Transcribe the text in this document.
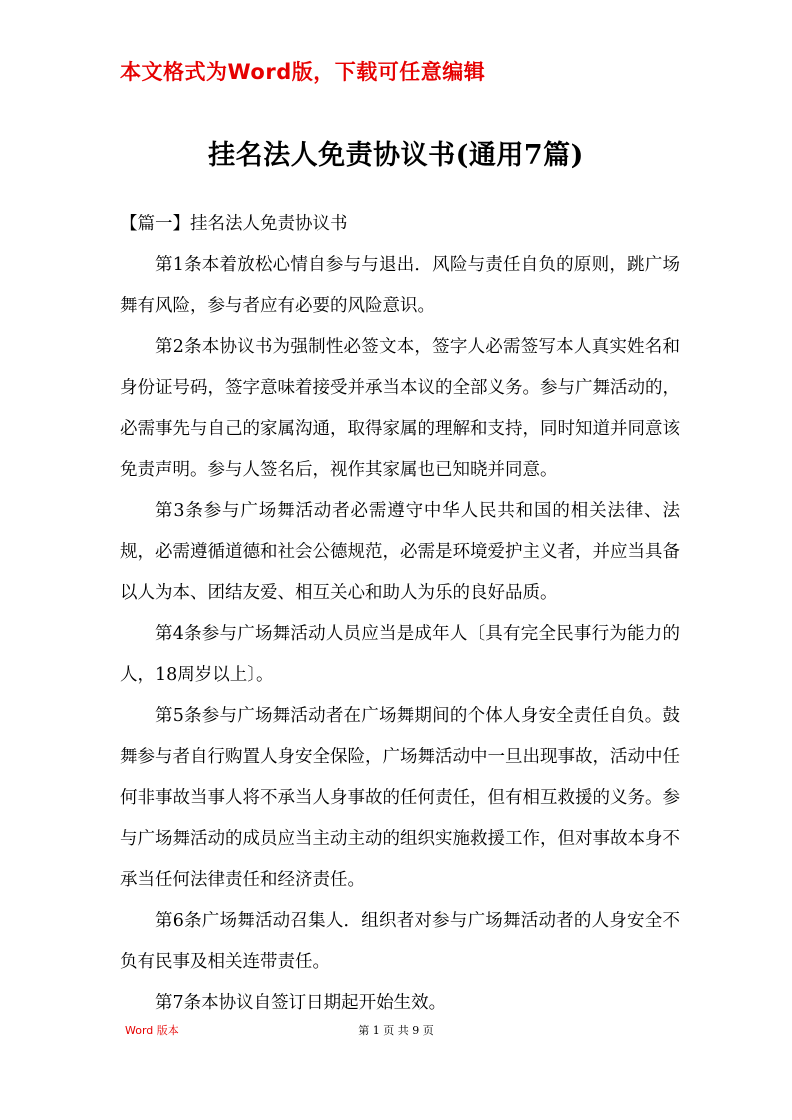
本文格式为Word版，下载可任意编辑
挂名法人免责协议书(通用7篇)

【篇一】挂名法人免责协议书

第1条本着放松心情自参与与退出．风险与责任自负的原则，跳广场舞有风险，参与者应有必要的风险意识。

第2条本协议书为强制性必签文本，签字人必需签写本人真实姓名和身份证号码，签字意味着接受并承当本议的全部义务。参与广舞活动的，必需事先与自己的家属沟通，取得家属的理解和支持，同时知道并同意该免责声明。参与人签名后，视作其家属也已知晓并同意。

第3条参与广场舞活动者必需遵守中华人民共和国的相关法律、法规，必需遵循道德和社会公德规范，必需是环境爱护主义者，并应当具备以人为本、团结友爱、相互关心和助人为乐的良好品质。

第4条参与广场舞活动人员应当是成年人〔具有完全民事行为能力的人，18周岁以上〕。

第5条参与广场舞活动者在广场舞期间的个体人身安全责任自负。鼓舞参与者自行购置人身安全保险，广场舞活动中一旦出现事故，活动中任何非事故当事人将不承当人身事故的任何责任，但有相互救援的义务。参与广场舞活动的成员应当主动主动的组织实施救援工作，但对事故本身不承当任何法律责任和经济责任。

第6条广场舞活动召集人．组织者对参与广场舞活动者的人身安全不负有民事及相关连带责任。

第7条本协议自签订日期起开始生效。

Word 版本	第 1 页 共 9 页
